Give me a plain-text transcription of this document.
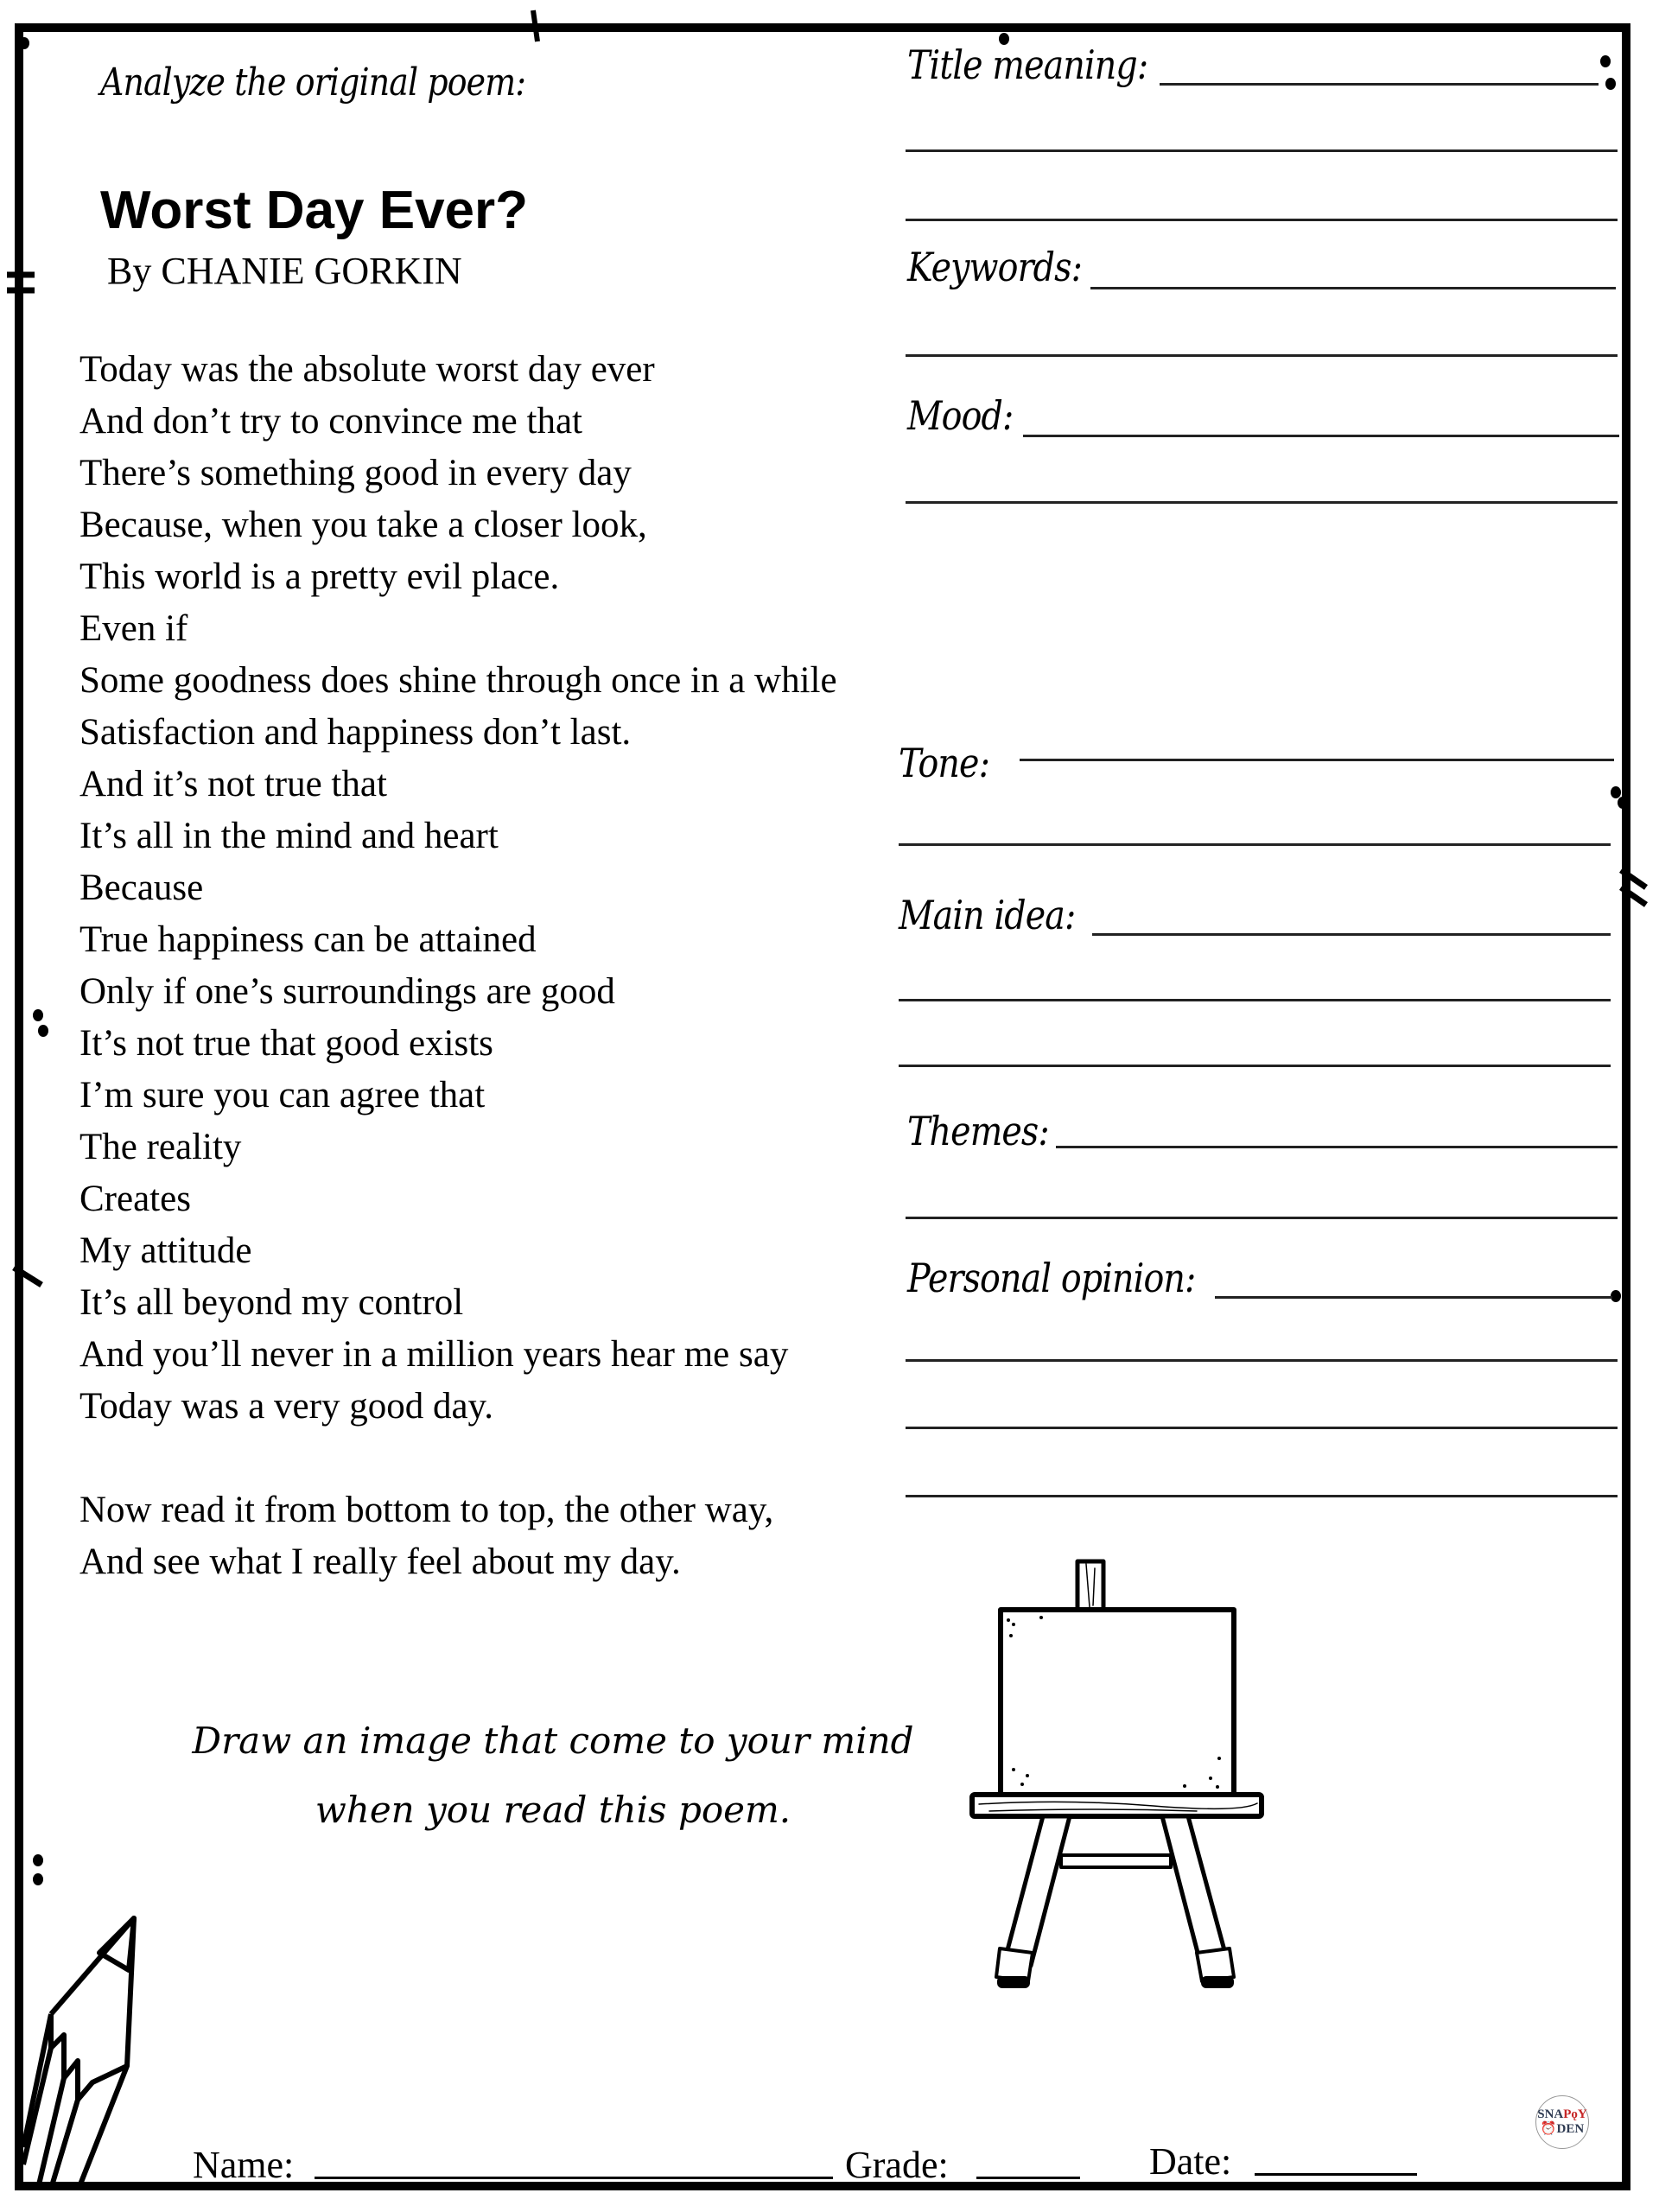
Analyze the original poem:
Worst Day Ever?
By CHANIE GORKIN
Today was the absolute worst day ever
And don’t try to convince me that
There’s something good in every day
Because, when you take a closer look,
This world is a pretty evil place.
Even if
Some goodness does shine through once in a while
Satisfaction and happiness don’t last.
And it’s not true that
It’s all in the mind and heart
Because
True happiness can be attained
Only if one’s surroundings are good
It’s not true that good exists
I’m sure you can agree that
The reality
Creates
My attitude
It’s all beyond my control
And you’ll never in a million years hear me say
Today was a very good day.
Now read it from bottom to top, the other way,
And see what I really feel about my day.
Title meaning:
Keywords:
Mood:
Tone:
Main idea:
Themes:
Personal opinion:
Draw an image that come to your mind
when you read this poem.
Name:	Grade:	Date:
SNAPǫY
⏰DEN
